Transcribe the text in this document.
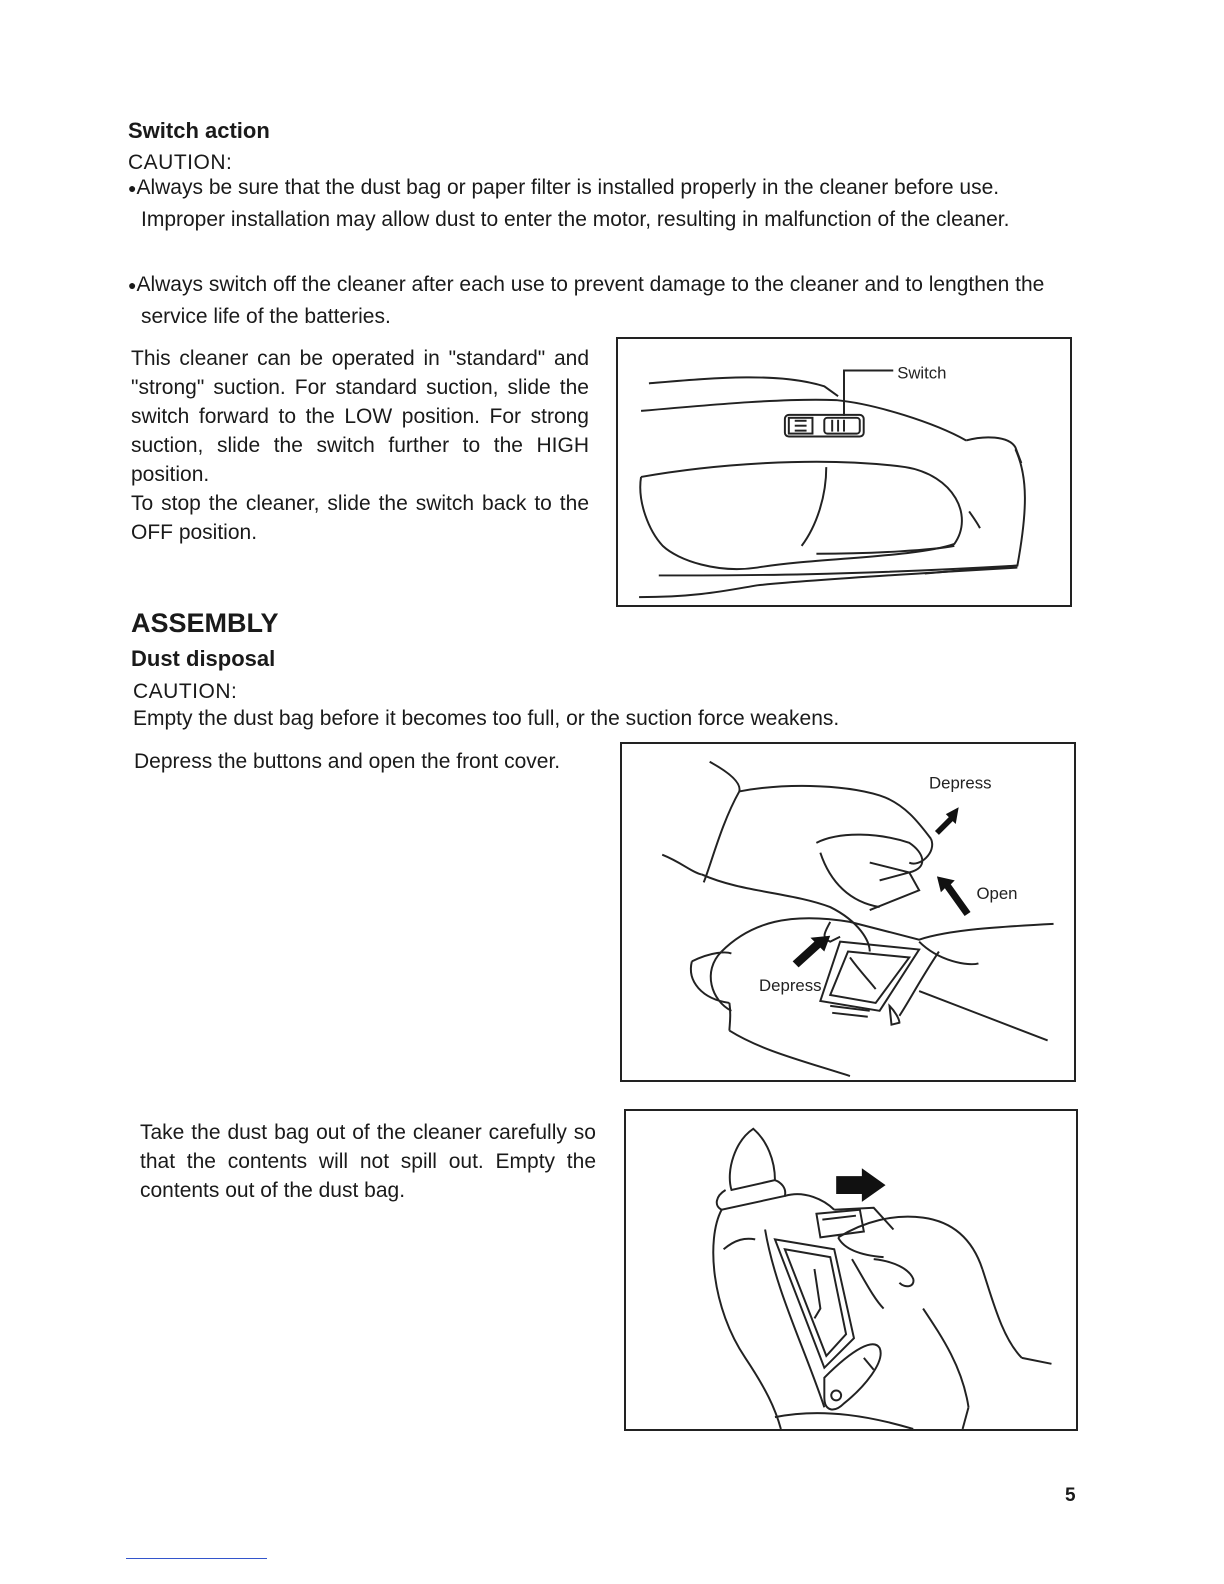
Switch action
CAUTION:
●Always be sure that the dust bag or paper filter is installed properly in the cleaner before use. Improper installation may allow dust to enter the motor, resulting in malfunction of the cleaner.
●Always switch off the cleaner after each use to prevent damage to the cleaner and to lengthen the service life of the batteries.
This cleaner can be operated in "standard" and "strong" suction. For standard suction, slide the switch forward to the LOW position. For strong suction, slide the switch further to the HIGH position.
To stop the cleaner, slide the switch back to the OFF position.
Switch
ASSEMBLY
Dust disposal
CAUTION:
Empty the dust bag before it becomes too full, or the suction force weakens.
Depress the buttons and open the front cover.
Depress
Open
Depress
Take the dust bag out of the cleaner carefully so that the contents will not spill out. Empty the contents out of the dust bag.
5
